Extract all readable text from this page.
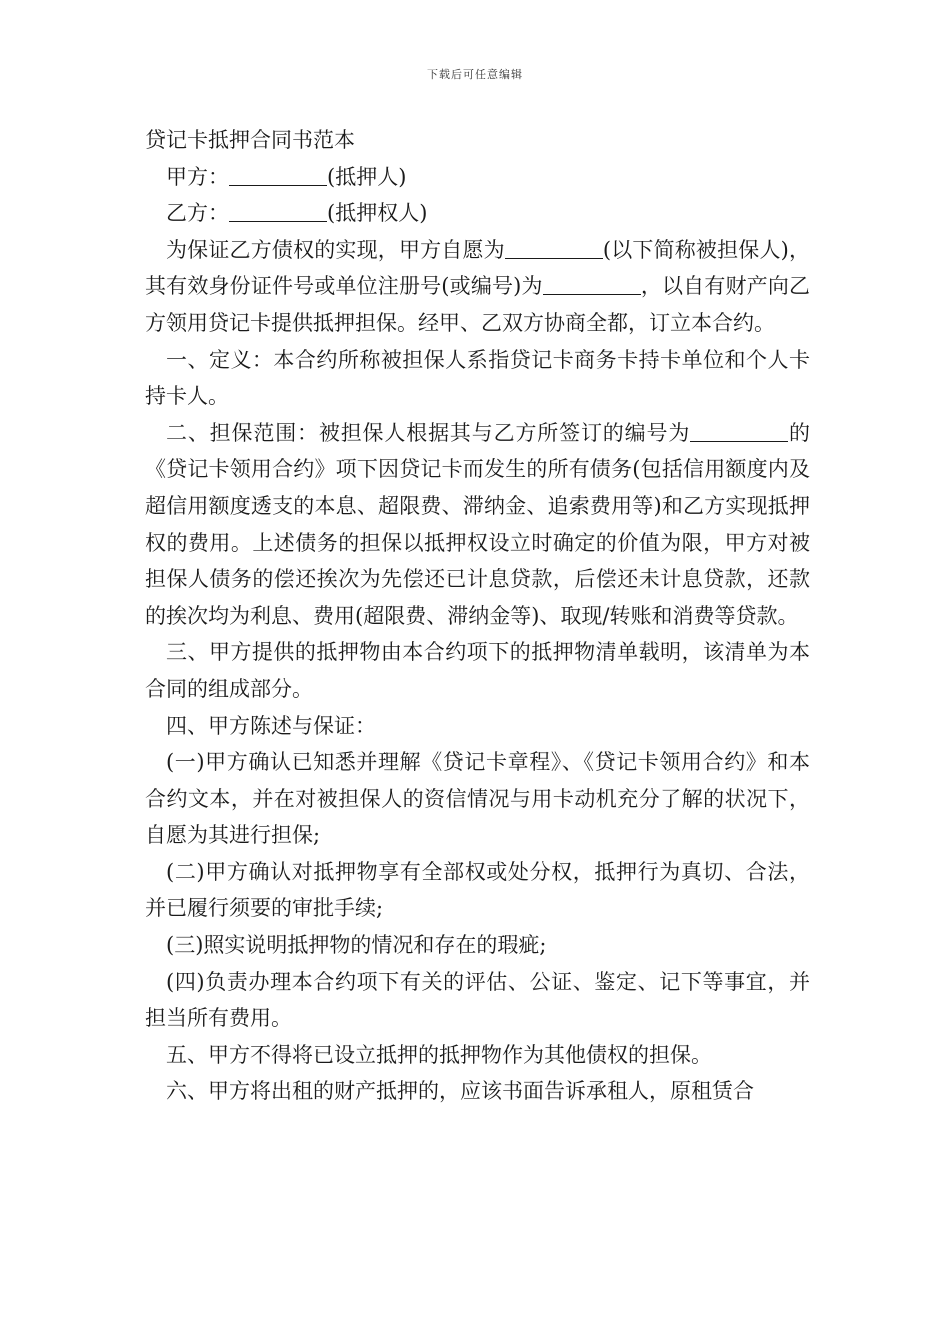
下载后可任意编辑

贷记卡抵押合同书范本

甲方：	(抵押人)

乙方：	(抵押权人)

为保证乙方债权的实现，甲方自愿为	(以下简称被担保人)，其有效身份证件号或单位注册号(或编号)为	，以自有财产向乙方领用贷记卡提供抵押担保。经甲、乙双方协商全都，订立本合约。

一、定义：本合约所称被担保人系指贷记卡商务卡持卡单位和个人卡持卡人。

二、担保范围：被担保人根据其与乙方所签订的编号为	的《贷记卡领用合约》项下因贷记卡而发生的所有债务(包括信用额度内及超信用额度透支的本息、超限费、滞纳金、追索费用等)和乙方实现抵押权的费用。上述债务的担保以抵押权设立时确定的价值为限，甲方对被担保人债务的偿还挨次为先偿还已计息贷款，后偿还未计息贷款，还款的挨次均为利息、费用(超限费、滞纳金等)、取现/转账和消费等贷款。

三、甲方提供的抵押物由本合约项下的抵押物清单载明，该清单为本合同的组成部分。

四、甲方陈述与保证：

(一)甲方确认已知悉并理解《贷记卡章程》、《贷记卡领用合约》和本合约文本，并在对被担保人的资信情况与用卡动机充分了解的状况下，自愿为其进行担保;

(二)甲方确认对抵押物享有全部权或处分权，抵押行为真切、合法，并已履行须要的审批手续;

(三)照实说明抵押物的情况和存在的瑕疵;

(四)负责办理本合约项下有关的评估、公证、鉴定、记下等事宜，并担当所有费用。

五、甲方不得将已设立抵押的抵押物作为其他债权的担保。

六、甲方将出租的财产抵押的，应该书面告诉承租人，原租赁合
